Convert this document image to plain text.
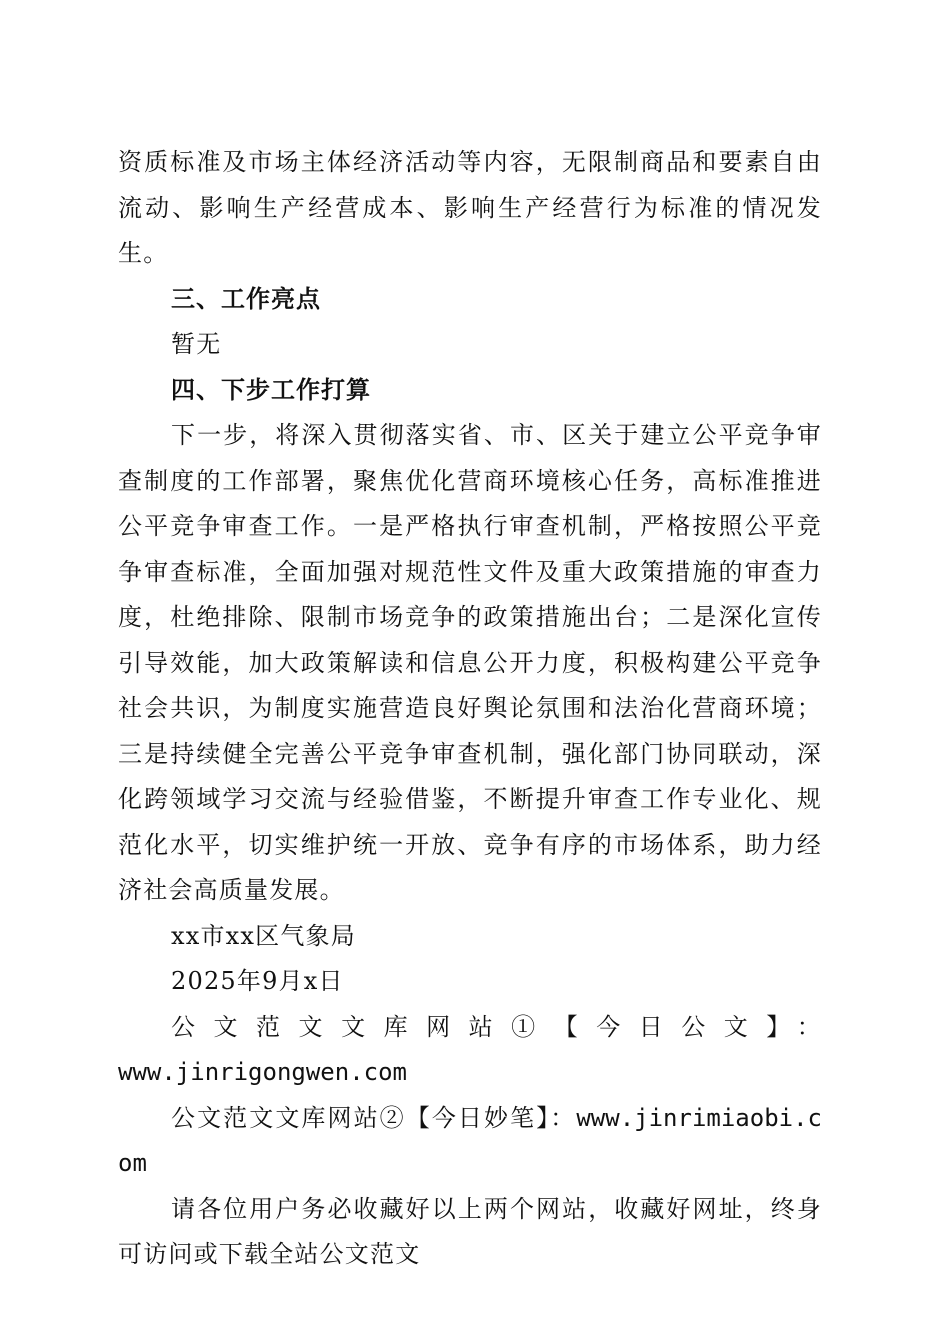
资质标准及市场主体经济活动等内容，无限制商品和要素自由流动、影响生产经营成本、影响生产经营行为标准的情况发生。

三、工作亮点

暂无

四、下步工作打算

下一步，将深入贯彻落实省、市、区关于建立公平竞争审查制度的工作部署，聚焦优化营商环境核心任务，高标准推进公平竞争审查工作。一是严格执行审查机制，严格按照公平竞争审查标准，全面加强对规范性文件及重大政策措施的审查力度，杜绝排除、限制市场竞争的政策措施出台；二是深化宣传引导效能，加大政策解读和信息公开力度，积极构建公平竞争社会共识，为制度实施营造良好舆论氛围和法治化营商环境；三是持续健全完善公平竞争审查机制，强化部门协同联动，深化跨领域学习交流与经验借鉴，不断提升审查工作专业化、规范化水平，切实维护统一开放、竞争有序的市场体系，助力经济社会高质量发展。

xx市xx区气象局

2025年9月x日

公文范文文库网站①【今日公文】：

www.jinrigongwen.com

公文范文文库网站②【今日妙笔】：www.jinrimiaobi.com

请各位用户务必收藏好以上两个网站，收藏好网址，终身可访问或下载全站公文范文
